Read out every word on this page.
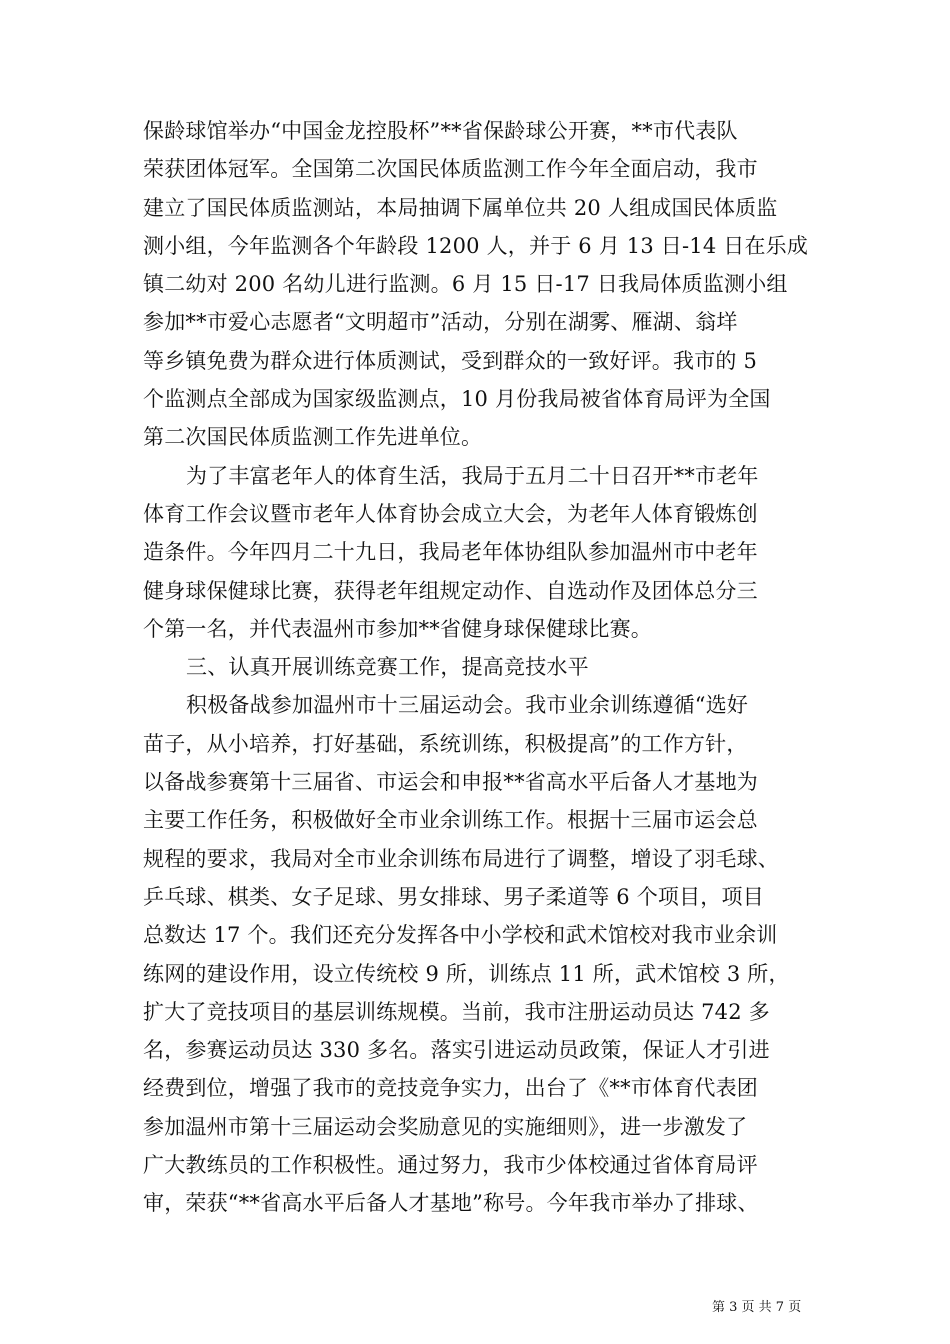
保龄球馆举办“中国金龙控股杯”**省保龄球公开赛，**市代表队
荣获团体冠军。全国第二次国民体质监测工作今年全面启动，我市
建立了国民体质监测站，本局抽调下属单位共 20 人组成国民体质监
测小组，今年监测各个年龄段 1200 人，并于 6 月 13 日-14 日在乐成
镇二幼对 200 名幼儿进行监测。6 月 15 日-17 日我局体质监测小组
参加**市爱心志愿者“文明超市”活动，分别在湖雾、雁湖、翁垟
等乡镇免费为群众进行体质测试，受到群众的一致好评。我市的 5
个监测点全部成为国家级监测点，10 月份我局被省体育局评为全国
第二次国民体质监测工作先进单位。
为了丰富老年人的体育生活，我局于五月二十日召开**市老年
体育工作会议暨市老年人体育协会成立大会，为老年人体育锻炼创
造条件。今年四月二十九日，我局老年体协组队参加温州市中老年
健身球保健球比赛，获得老年组规定动作、自选动作及团体总分三
个第一名，并代表温州市参加**省健身球保健球比赛。
三、认真开展训练竞赛工作，提高竞技水平
积极备战参加温州市十三届运动会。我市业余训练遵循“选好
苗子，从小培养，打好基础，系统训练，积极提高”的工作方针，
以备战参赛第十三届省、市运会和申报**省高水平后备人才基地为
主要工作任务，积极做好全市业余训练工作。根据十三届市运会总
规程的要求，我局对全市业余训练布局进行了调整，增设了羽毛球、
乒乓球、棋类、女子足球、男女排球、男子柔道等 6 个项目，项目
总数达 17 个。我们还充分发挥各中小学校和武术馆校对我市业余训
练网的建设作用，设立传统校 9 所，训练点 11 所，武术馆校 3 所，
扩大了竞技项目的基层训练规模。当前，我市注册运动员达 742 多
名，参赛运动员达 330 多名。落实引进运动员政策，保证人才引进
经费到位，增强了我市的竞技竞争实力，出台了《**市体育代表团
参加温州市第十三届运动会奖励意见的实施细则》，进一步激发了
广大教练员的工作积极性。通过努力，我市少体校通过省体育局评
审，荣获“**省高水平后备人才基地”称号。今年我市举办了排球、
第 3 页 共 7 页
